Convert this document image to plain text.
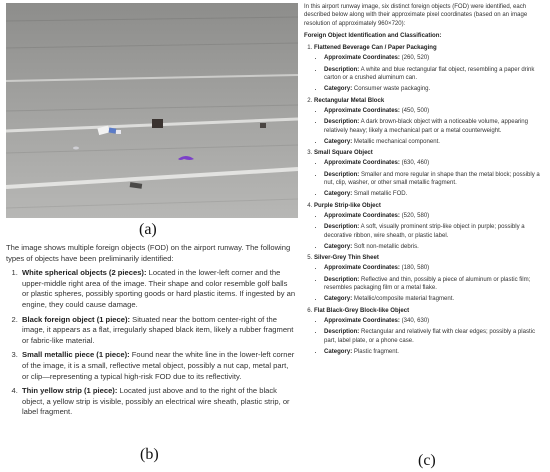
(a)

The image shows multiple foreign objects (FOD) on the airport runway. The following types of objects have been preliminarily identified:

1. White spherical objects (2 pieces): Located in the lower-left corner and the upper-middle right area of the image. Their shape and color resemble golf balls or plastic spheres, possibly sporting goods or hard plastic items. If ingested by an engine, they could cause damage.
2. Black foreign object (1 piece): Situated near the bottom center-right of the image, it appears as a flat, irregularly shaped black item, likely a rubber fragment or fabric-like material.
3. Small metallic piece (1 piece): Found near the white line in the lower-left corner of the image, it is a small, reflective metal object, possibly a nut cap, metal part, or clip—representing a typical high-risk FOD due to its reflectivity.
4. Thin yellow strip (1 piece): Located just above and to the right of the black object, a yellow strip is visible, possibly an electrical wire sheath, plastic strip, or label fragment.
(b)

In this airport runway image, six distinct foreign objects (FOD) were identified, each described below along with their approximate pixel coordinates (based on an image resolution of approximately 960×720):

Foreign Object Identification and Classification:

1. Flattened Beverage Can / Paper Packaging
• Approximate Coordinates: (260, 520)
• Description: A white and blue rectangular flat object, resembling a paper drink carton or a crushed aluminum can.
• Category: Consumer waste packaging.
2. Rectangular Metal Block
• Approximate Coordinates: (450, 500)
• Description: A dark brown-black object with a noticeable volume, appearing relatively heavy; likely a mechanical part or a metal counterweight.
• Category: Metallic mechanical component.
3. Small Square Object
• Approximate Coordinates: (630, 460)
• Description: Smaller and more regular in shape than the metal block; possibly a nut, clip, washer, or other small metallic fragment.
• Category: Small metallic FOD.
4. Purple Strip-like Object
• Approximate Coordinates: (520, 580)
• Description: A soft, visually prominent strip-like object in purple; possibly a decorative ribbon, wire sheath, or plastic label.
• Category: Soft non-metallic debris.
5. Silver-Grey Thin Sheet
• Approximate Coordinates: (180, 580)
• Description: Reflective and thin, possibly a piece of aluminum or plastic film; resembles packaging film or a metal flake.
• Category: Metallic/composite material fragment.
6. Flat Black-Grey Block-like Object
• Approximate Coordinates: (340, 630)
• Description: Rectangular and relatively flat with clear edges; possibly a plastic part, label plate, or a phone case.
• Category: Plastic fragment.
(c)
